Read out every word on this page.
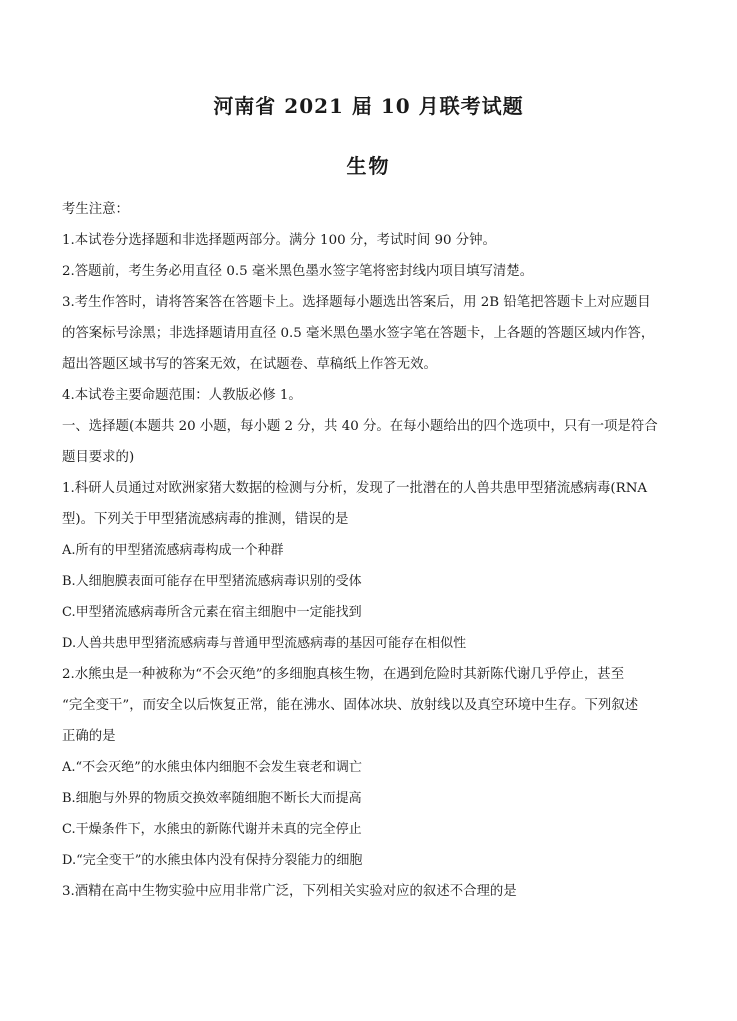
河南省 2021 届 10 月联考试题
生物
考生注意：
1.本试卷分选择题和非选择题两部分。满分 100 分，考试时间 90 分钟。
2.答题前，考生务必用直径 0.5 毫米黑色墨水签字笔将密封线内项目填写清楚。
3.考生作答时，请将答案答在答题卡上。选择题每小题选出答案后，用 2B 铅笔把答题卡上对应题目
的答案标号涂黑；非选择题请用直径 0.5 毫米黑色墨水签字笔在答题卡，上各题的答题区域内作答，
超出答题区域书写的答案无效，在试题卷、草稿纸上作答无效。
4.本试卷主要命题范围：人教版必修 1。
一、选择题(本题共 20 小题，每小题 2 分，共 40 分。在每小题给出的四个选项中，只有一项是符合
题目要求的)
1.科研人员通过对欧洲家猪大数据的检测与分析，发现了一批潜在的人兽共患甲型猪流感病毒(RNA
型)。下列关于甲型猪流感病毒的推测，错误的是
A.所有的甲型猪流感病毒构成一个种群
B.人细胞膜表面可能存在甲型猪流感病毒识别的受体
C.甲型猪流感病毒所含元素在宿主细胞中一定能找到
D.人兽共患甲型猪流感病毒与普通甲型流感病毒的基因可能存在相似性
2.水熊虫是一种被称为“不会灭绝”的多细胞真核生物，在遇到危险时其新陈代谢几乎停止，甚至
“完全变干”，而安全以后恢复正常，能在沸水、固体冰块、放射线以及真空环境中生存。下列叙述
正确的是
A.“不会灭绝”的水熊虫体内细胞不会发生衰老和调亡
B.细胞与外界的物质交换效率随细胞不断长大而提高
C.干燥条件下，水熊虫的新陈代谢并未真的完全停止
D.“完全变干”的水熊虫体内没有保持分裂能力的细胞
3.酒精在高中生物实验中应用非常广泛，下列相关实验对应的叙述不合理的是
